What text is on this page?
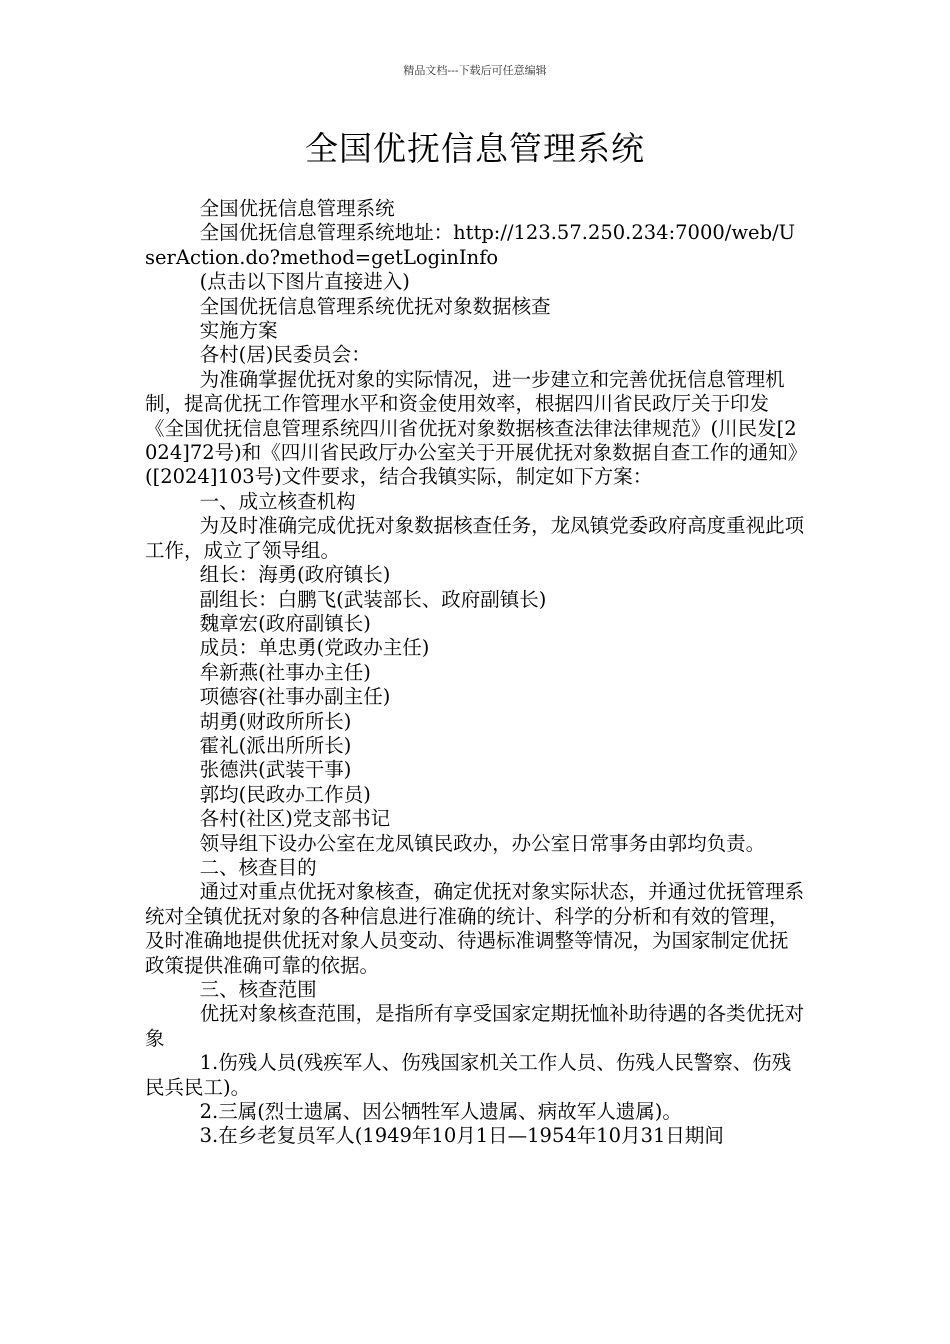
精品文档---下载后可任意编辑
全国优抚信息管理系统

全国优抚信息管理系统

全国优抚信息管理系统地址：http://123.57.250.234:7000/web/UserAction.do?method=getLoginInfo

(点击以下图片直接进入)

全国优抚信息管理系统优抚对象数据核查

实施方案

各村(居)民委员会：

为准确掌握优抚对象的实际情况，进一步建立和完善优抚信息管理机制，提高优抚工作管理水平和资金使用效率，根据四川省民政厅关于印发《全国优抚信息管理系统四川省优抚对象数据核查法律法律规范》(川民发[2024]72号)和《四川省民政厅办公室关于开展优抚对象数据自查工作的通知》([2024]103号)文件要求，结合我镇实际，制定如下方案：

一、成立核查机构

为及时准确完成优抚对象数据核查任务，龙凤镇党委政府高度重视此项工作，成立了领导组。

组长：海勇(政府镇长)

副组长：白鹏飞(武装部长、政府副镇长)

魏章宏(政府副镇长)

成员：单忠勇(党政办主任)

牟新燕(社事办主任)

项德容(社事办副主任)

胡勇(财政所所长)

霍礼(派出所所长)

张德洪(武装干事)

郭均(民政办工作员)

各村(社区)党支部书记

领导组下设办公室在龙凤镇民政办，办公室日常事务由郭均负责。

二、核查目的

通过对重点优抚对象核查，确定优抚对象实际状态，并通过优抚管理系统对全镇优抚对象的各种信息进行准确的统计、科学的分析和有效的管理，及时准确地提供优抚对象人员变动、待遇标准调整等情况，为国家制定优抚政策提供准确可靠的依据。

三、核查范围

优抚对象核查范围，是指所有享受国家定期抚恤补助待遇的各类优抚对象

1.伤残人员(残疾军人、伤残国家机关工作人员、伤残人民警察、伤残民兵民工)。

2.三属(烈士遗属、因公牺牲军人遗属、病故军人遗属)。

3.在乡老复员军人(1949年10月1日—1954年10月31日期间
